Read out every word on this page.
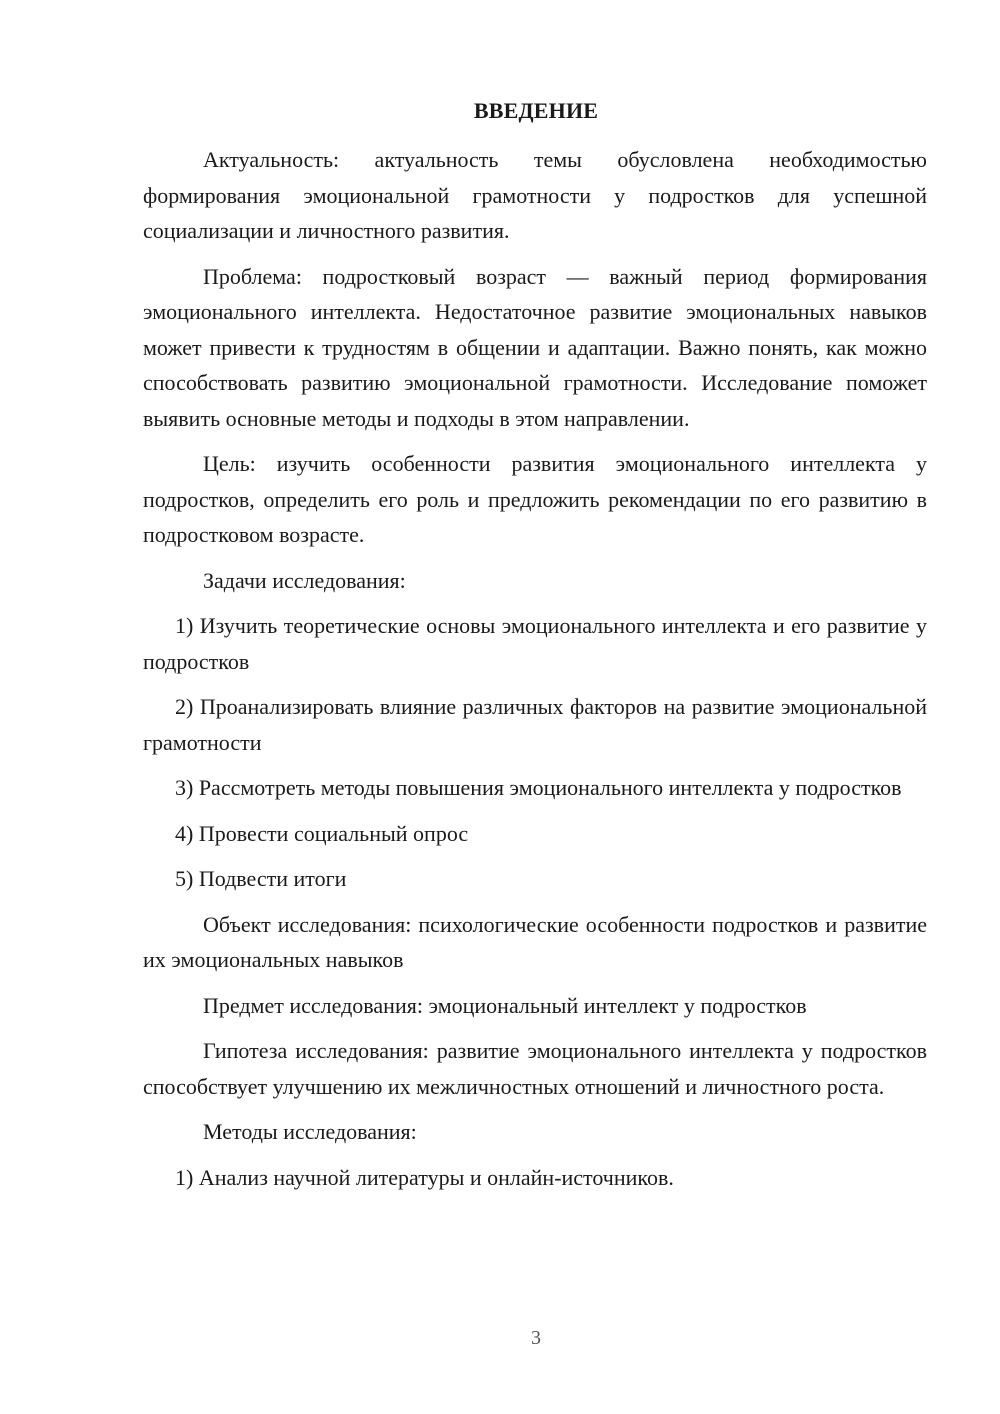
ВВЕДЕНИЕ

Актуальность: актуальность темы обусловлена необходимостью формирования эмоциональной грамотности у подростков для успешной социализации и личностного развития.

Проблема: подростковый возраст — важный период формирования эмоционального интеллекта. Недостаточное развитие эмоциональных навыков может привести к трудностям в общении и адаптации. Важно понять, как можно способствовать развитию эмоциональной грамотности. Исследование поможет выявить основные методы и подходы в этом направлении.

Цель: изучить особенности развития эмоционального интеллекта у подростков, определить его роль и предложить рекомендации по его развитию в подростковом возрасте.

Задачи исследования:

1) Изучить теоретические основы эмоционального интеллекта и его развитие у подростков

2) Проанализировать влияние различных факторов на развитие эмоциональной грамотности

3) Рассмотреть методы повышения эмоционального интеллекта у подростков

4) Провести социальный опрос

5) Подвести итоги

Объект исследования: психологические особенности подростков и развитие их эмоциональных навыков

Предмет исследования: эмоциональный интеллект у подростков

Гипотеза исследования: развитие эмоционального интеллекта у подростков способствует улучшению их межличностных отношений и личностного роста.

Методы исследования:

1) Анализ научной литературы и онлайн-источников.

3
